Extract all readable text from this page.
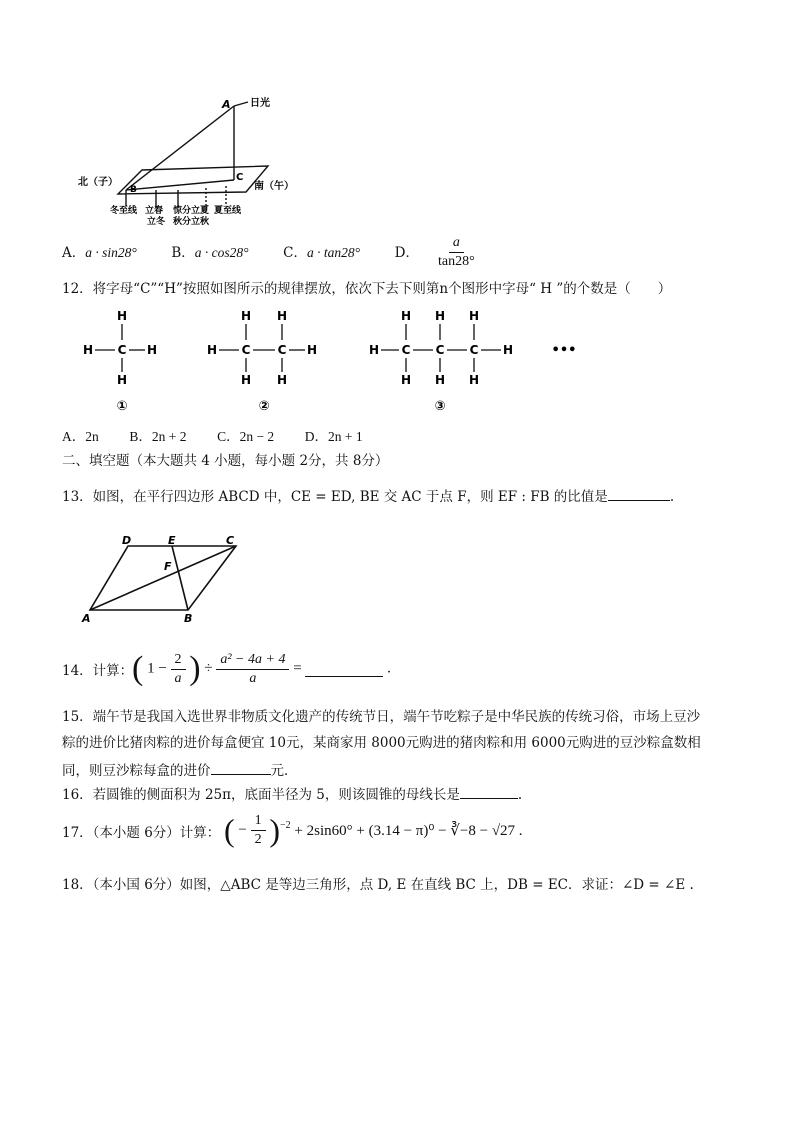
A 日光
C
北（子）	南（午）
B
冬至线 立春
立冬
惊分立夏
秋分立秋
夏至线
A．a · sin28°	B．a · cos28°	C．a · tan28°	D． $\frac{a}{\tan 28^\circ}$
12．将字母“C”“H”按照如图所示的规律摆放，依次下去下则第n个图形中字母“ H ”的个数是（　　）
H
H C H
H
①
H H
H C C H
H H
②
H H H
H C C C H
H H H
③
•••
A．2n B．2n + 2 C．2n − 2 D．2n + 1
二、填空题（本大题共 4 小题，每小题 2分，共 8分）
13．如图，在平行四边形 ABCD 中，CE = ED, BE 交 AC 于点 F，则 EF : FB 的比值是	.
D	E	C
F
A	B
14．计算：
( $1 - \frac{2}{a}$ ) ÷ $\frac{\text{a² − 4a + 4}}{a}$ =	.
15．端午节是我国入选世界非物质文化遗产的传统节日，端午节吃粽子是中华民族的传统习俗，市场上豆沙
粽的进价比猪肉粽的进价每盒便宜 10元，某商家用 8000元购进的猪肉粽和用 6000元购进的豆沙粽盒数相
同，则豆沙粽每盒的进价	元．
16．若圆锥的侧面积为 25π，底面半径为 5，则该圆锥的母线长是	.
17．（本小题 6分）计算： ( − $\frac{1}{2} )^{-2} + 2\sin 60^\circ + (3.14 - \pi)^0$ − ∛−8 − √27 .
18．（本小国 6分）如图，△ABC 是等边三角形，点 D, E 在直线 BC 上，DB = EC．求证：∠D = ∠E .
